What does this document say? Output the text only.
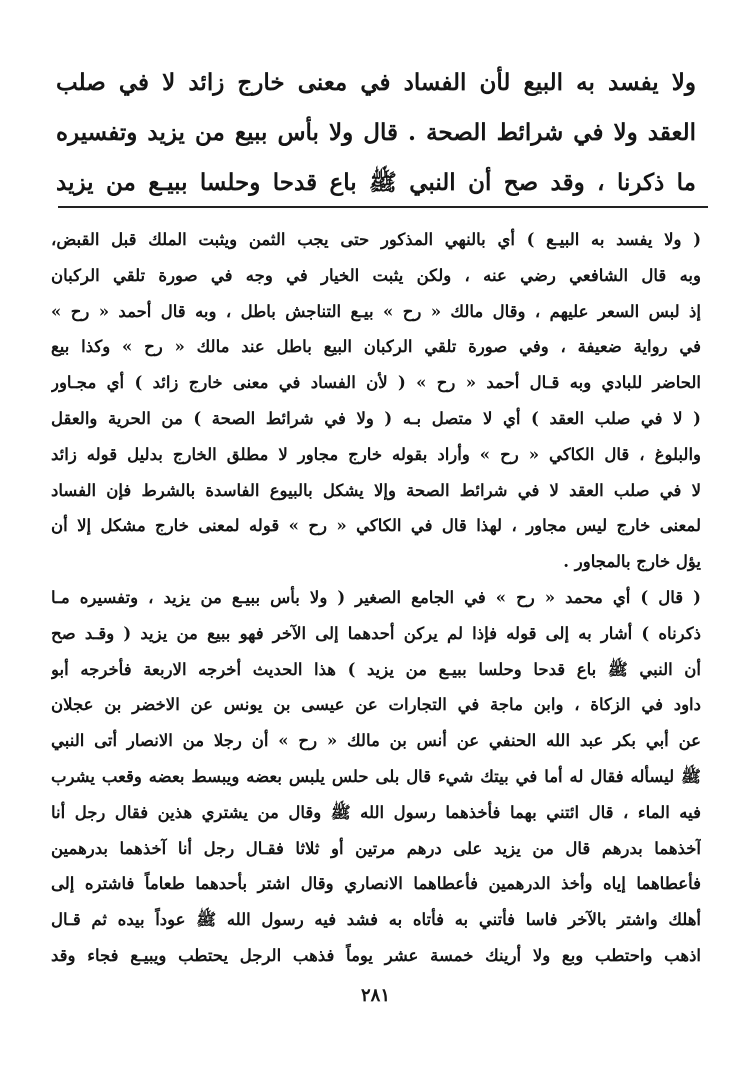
ولا يفسد به البيع لأن الفساد في معنى خارج زائد لا في صلب
العقد ولا في شرائط الصحة . قال ولا بأس ببيع من يزيد وتفسيره
ما ذكرنا ، وقد صح أن النبي ﷺ باع قدحا وحلسا ببيـع من يزيد
( ولا يفسد به البيـع ) أي بالنهي المذكور حتى يجب الثمن ويثبت الملك قبل القبض،
وبه قال الشافعي رضي عنه ، ولكن يثبت الخيار في وجه في صورة تلقي الركبان
إذ لبس السعر عليهم ، وقال مالك « رح » بيـع التناجش باطل ، وبه قال أحمد « رح »
في رواية ضعيفة ، وفي صورة تلقي الركبان البيع باطل عند مالك « رح » وكذا بيع
الحاضر للبادي وبه قـال أحمد « رح » ( لأن الفساد في معنى خارج زائد ) أي مجـاور
( لا في صلب العقد ) أي لا متصل بـه ( ولا في شرائط الصحة ) من الحرية والعقل
والبلوغ ، قال الكاكي « رح » وأراد بقوله خارج مجاور لا مطلق الخارج بدليل قوله زائد
لا في صلب العقد لا في شرائط الصحة وإلا يشكل بالبيوع الفاسدة بالشرط فإن الفساد
لمعنى خارج ليس مجاور ، لهذا قال في الكاكي « رح » قوله لمعنى خارج مشكل إلا أن
يؤل خارج بالمجاور .
( قال ) أي محمد « رح » في الجامع الصغير ( ولا بأس ببيـع من يزيد ، وتفسيره مـا
ذكرناه ) أشار به إلى قوله فإذا لم يركن أحدهما إلى الآخر فهو ببيع من يزيد ( وقـد صح
أن النبي ﷺ باع قدحا وحلسا ببيـع من يزيد ) هذا الحديث أخرجه الاربعة فأخرجه أبو
داود في الزكاة ، وابن ماجة في التجارات عن عيسى بن يونس عن الاخضر بن عجلان
عن أبي بكر عبد الله الحنفي عن أنس بن مالك « رح » أن رجلا من الانصار أتى النبي
ﷺ ليسأله فقال له أما في بيتك شيء قال بلى حلس يلبس بعضه ويبسط بعضه وقعب يشرب
فيه الماء ، قال ائتني بهما فأخذهما رسول الله ﷺ وقال من يشتري هذين فقال رجل أنا
آخذهما بدرهم قال من يزيد على درهم مرتين أو ثلاثا فقـال رجل أنا آخذهما بدرهمين
فأعطاهما إياه وأخذ الدرهمين فأعطاهما الانصاري وقال اشتر بأحدهما طعاماً فاشتره إلى
أهلك واشتر بالآخر فاسا فأتني به فأتاه به فشد فيه رسول الله ﷺ عوداً بيده ثم قـال
اذهب واحتطب وبع ولا أرينك خمسة عشر يوماً فذهب الرجل يحتطب ويبيـع فجاء وقد
٢٨١
